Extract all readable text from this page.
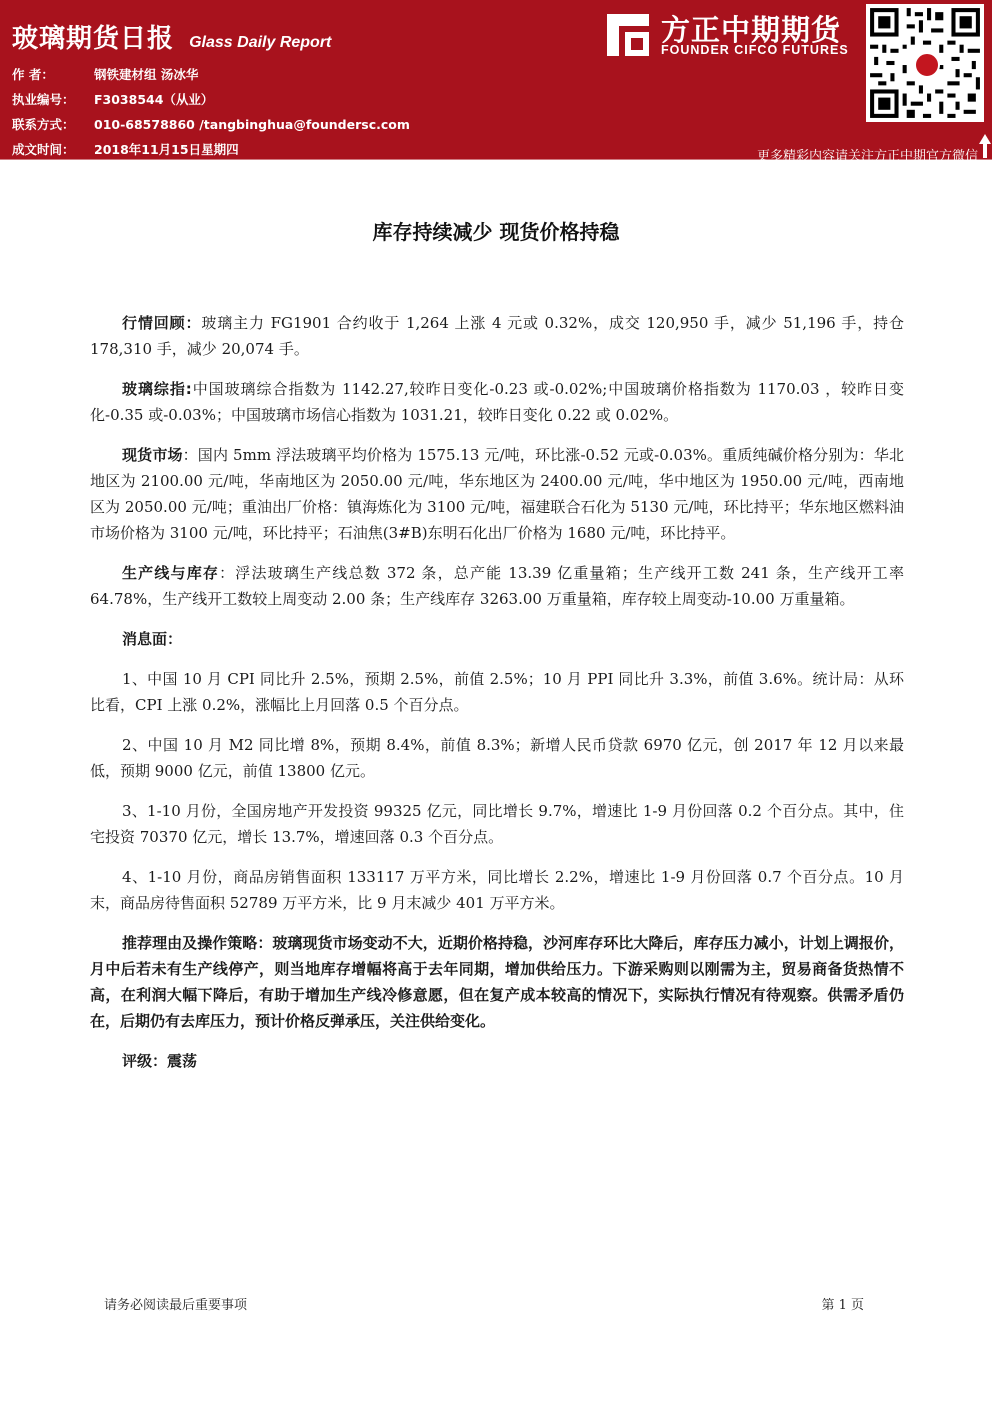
玻璃期货日报 Glass Daily Report
作 者：	钢铁建材组 汤冰华
执业编号： F3038544（从业）
联系方式： 010-68578860 /tangbinghua@foundersc.com
成文时间： 2018年11月15日星期四
方正中期期货
FOUNDER CIFCO FUTURES
更多精彩内容请关注方正中期官方微信
库存持续减少 现货价格持稳

行情回顾：玻璃主力 FG1901 合约收于 1,264 上涨 4 元或 0.32%，成交 120,950 手，减少 51,196 手，持仓 178,310 手，减少 20,074 手。

玻璃综指:中国玻璃综合指数为 1142.27,较昨日变化-0.23 或-0.02%;中国玻璃价格指数为 1170.03 ，较昨日变化-0.35 或-0.03%；中国玻璃市场信心指数为 1031.21，较昨日变化 0.22 或 0.02%。

现货市场：国内 5mm 浮法玻璃平均价格为 1575.13 元/吨，环比涨-0.52 元或-0.03%。重质纯碱价格分别为：华北地区为 2100.00 元/吨，华南地区为 2050.00 元/吨，华东地区为 2400.00 元/吨，华中地区为 1950.00 元/吨，西南地区为 2050.00 元/吨；重油出厂价格：镇海炼化为 3100 元/吨，福建联合石化为 5130 元/吨，环比持平；华东地区燃料油市场价格为 3100 元/吨，环比持平；石油焦(3#B)东明石化出厂价格为 1680 元/吨，环比持平。

生产线与库存：浮法玻璃生产线总数 372 条，总产能 13.39 亿重量箱；生产线开工数 241 条，生产线开工率 64.78%，生产线开工数较上周变动 2.00 条；生产线库存 3263.00 万重量箱，库存较上周变动-10.00 万重量箱。

消息面：

1、中国 10 月 CPI 同比升 2.5%，预期 2.5%，前值 2.5%；10 月 PPI 同比升 3.3%，前值 3.6%。统计局：从环比看，CPI 上涨 0.2%，涨幅比上月回落 0.5 个百分点。

2、中国 10 月 M2 同比增 8%，预期 8.4%，前值 8.3%；新增人民币贷款 6970 亿元，创 2017 年 12 月以来最低，预期 9000 亿元，前值 13800 亿元。

3、1-10 月份，全国房地产开发投资 99325 亿元，同比增长 9.7%，增速比 1-9 月份回落 0.2 个百分点。其中，住宅投资 70370 亿元，增长 13.7%，增速回落 0.3 个百分点。

4、1-10 月份，商品房销售面积 133117 万平方米，同比增长 2.2%，增速比 1-9 月份回落 0.7 个百分点。10 月末，商品房待售面积 52789 万平方米，比 9 月末减少 401 万平方米。

推荐理由及操作策略：玻璃现货市场变动不大，近期价格持稳，沙河库存环比大降后，库存压力减小，计划上调报价，月中后若未有生产线停产，则当地库存增幅将高于去年同期，增加供给压力。下游采购则以刚需为主，贸易商备货热情不高，在利润大幅下降后，有助于增加生产线冷修意愿，但在复产成本较高的情况下，实际执行情况有待观察。供需矛盾仍在，后期仍有去库压力，预计价格反弹承压，关注供给变化。

评级：震荡

请务必阅读最后重要事项	第 1 页
